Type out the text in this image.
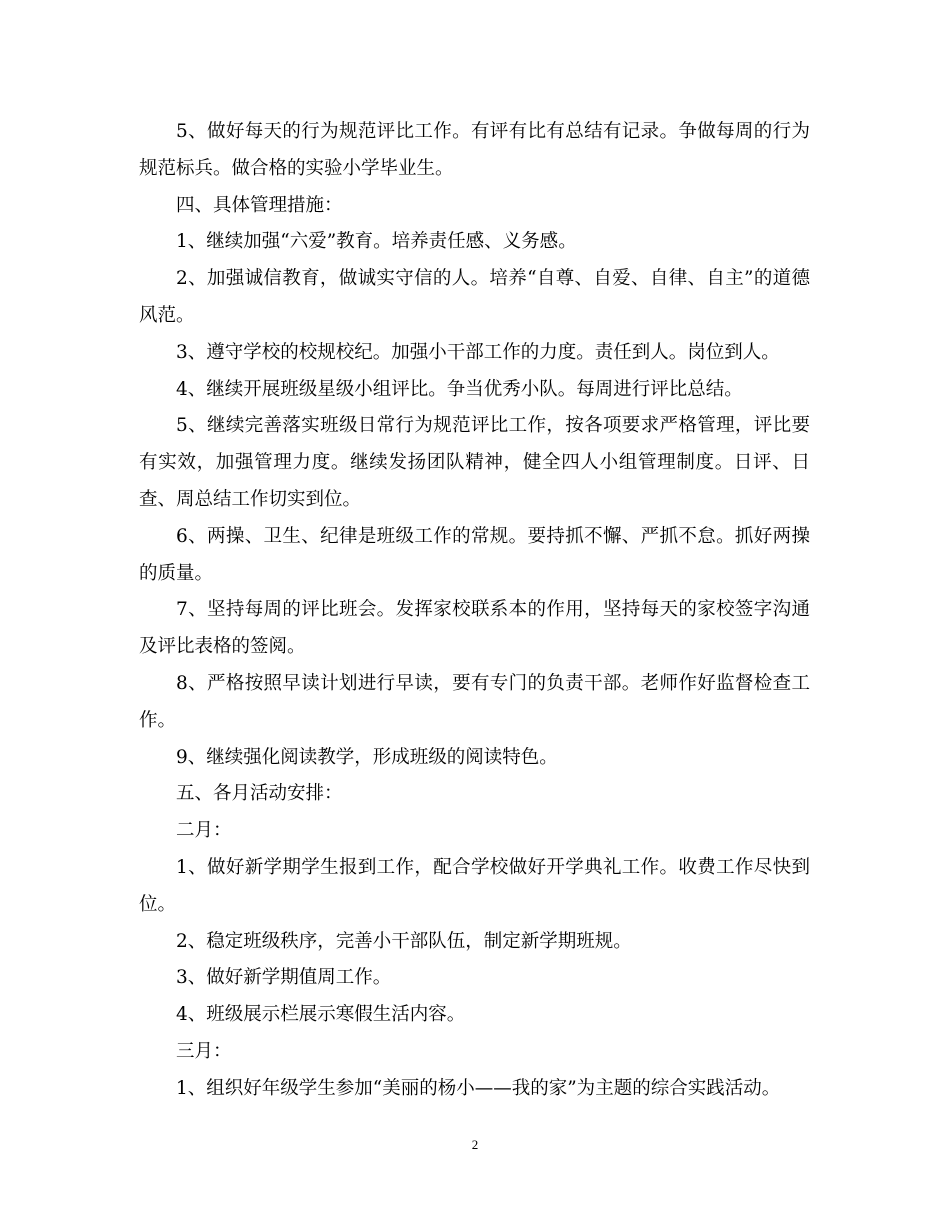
5、做好每天的行为规范评比工作。有评有比有总结有记录。争做每周的行为规范标兵。做合格的实验小学毕业生。

四、具体管理措施：

1、继续加强“六爱”教育。培养责任感、义务感。

2、加强诚信教育，做诚实守信的人。培养“自尊、自爱、自律、自主”的道德风范。

3、遵守学校的校规校纪。加强小干部工作的力度。责任到人。岗位到人。

4、继续开展班级星级小组评比。争当优秀小队。每周进行评比总结。

5、继续完善落实班级日常行为规范评比工作，按各项要求严格管理，评比要有实效，加强管理力度。继续发扬团队精神，健全四人小组管理制度。日评、日查、周总结工作切实到位。

6、两操、卫生、纪律是班级工作的常规。要持抓不懈、严抓不怠。抓好两操的质量。

7、坚持每周的评比班会。发挥家校联系本的作用，坚持每天的家校签字沟通及评比表格的签阅。

8、严格按照早读计划进行早读，要有专门的负责干部。老师作好监督检查工作。

9、继续强化阅读教学，形成班级的阅读特色。

五、各月活动安排：

二月：

1、做好新学期学生报到工作，配合学校做好开学典礼工作。收费工作尽快到位。

2、稳定班级秩序，完善小干部队伍，制定新学期班规。

3、做好新学期值周工作。

4、班级展示栏展示寒假生活内容。

三月：

1、组织好年级学生参加“美丽的杨小——我的家”为主题的综合实践活动。

2
